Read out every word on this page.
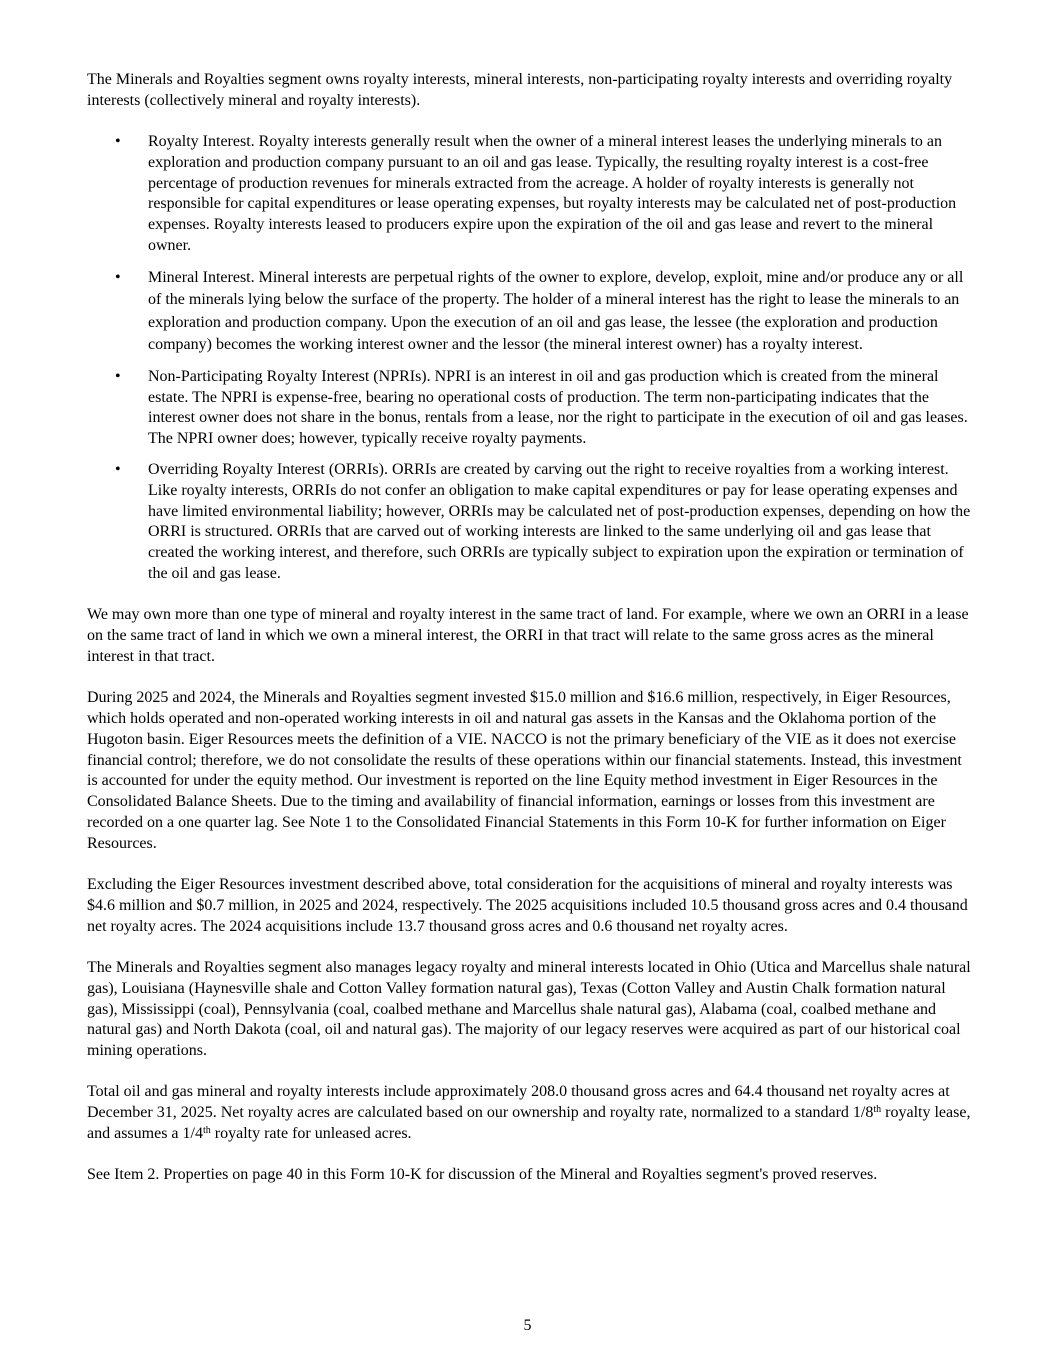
The Minerals and Royalties segment owns royalty interests, mineral interests, non-participating royalty interests and overriding royalty interests (collectively mineral and royalty interests).

• Royalty Interest. Royalty interests generally result when the owner of a mineral interest leases the underlying minerals to an exploration and production company pursuant to an oil and gas lease. Typically, the resulting royalty interest is a cost-free percentage of production revenues for minerals extracted from the acreage. A holder of royalty interests is generally not responsible for capital expenditures or lease operating expenses, but royalty interests may be calculated net of post-production expenses. Royalty interests leased to producers expire upon the expiration of the oil and gas lease and revert to the mineral owner.
• Mineral Interest. Mineral interests are perpetual rights of the owner to explore, develop, exploit, mine and/or produce any or all of the minerals lying below the surface of the property. The holder of a mineral interest has the right to lease the minerals to an exploration and production company. Upon the execution of an oil and gas lease, the lessee (the exploration and production company) becomes the working interest owner and the lessor (the mineral interest owner) has a royalty interest.
• Non-Participating Royalty Interest (NPRIs). NPRI is an interest in oil and gas production which is created from the mineral estate. The NPRI is expense-free, bearing no operational costs of production. The term non-participating indicates that the interest owner does not share in the bonus, rentals from a lease, nor the right to participate in the execution of oil and gas leases. The NPRI owner does; however, typically receive royalty payments.
• Overriding Royalty Interest (ORRIs). ORRIs are created by carving out the right to receive royalties from a working interest. Like royalty interests, ORRIs do not confer an obligation to make capital expenditures or pay for lease operating expenses and have limited environmental liability; however, ORRIs may be calculated net of post-production expenses, depending on how the ORRI is structured. ORRIs that are carved out of working interests are linked to the same underlying oil and gas lease that created the working interest, and therefore, such ORRIs are typically subject to expiration upon the expiration or termination of the oil and gas lease.

We may own more than one type of mineral and royalty interest in the same tract of land. For example, where we own an ORRI in a lease on the same tract of land in which we own a mineral interest, the ORRI in that tract will relate to the same gross acres as the mineral interest in that tract.

During 2025 and 2024, the Minerals and Royalties segment invested $15.0 million and $16.6 million, respectively, in Eiger Resources, which holds operated and non-operated working interests in oil and natural gas assets in the Kansas and the Oklahoma portion of the Hugoton basin. Eiger Resources meets the definition of a VIE. NACCO is not the primary beneficiary of the VIE as it does not exercise financial control; therefore, we do not consolidate the results of these operations within our financial statements. Instead, this investment is accounted for under the equity method. Our investment is reported on the line Equity method investment in Eiger Resources in the Consolidated Balance Sheets. Due to the timing and availability of financial information, earnings or losses from this investment are recorded on a one quarter lag. See Note 1 to the Consolidated Financial Statements in this Form 10-K for further information on Eiger Resources.

Excluding the Eiger Resources investment described above, total consideration for the acquisitions of mineral and royalty interests was $4.6 million and $0.7 million, in 2025 and 2024, respectively. The 2025 acquisitions included 10.5 thousand gross acres and 0.4 thousand net royalty acres. The 2024 acquisitions include 13.7 thousand gross acres and 0.6 thousand net royalty acres.

The Minerals and Royalties segment also manages legacy royalty and mineral interests located in Ohio (Utica and Marcellus shale natural gas), Louisiana (Haynesville shale and Cotton Valley formation natural gas), Texas (Cotton Valley and Austin Chalk formation natural gas), Mississippi (coal), Pennsylvania (coal, coalbed methane and Marcellus shale natural gas), Alabama (coal, coalbed methane and natural gas) and North Dakota (coal, oil and natural gas). The majority of our legacy reserves were acquired as part of our historical coal mining operations.

Total oil and gas mineral and royalty interests include approximately 208.0 thousand gross acres and 64.4 thousand net royalty acres at December 31, 2025. Net royalty acres are calculated based on our ownership and royalty rate, normalized to a standard 1/8th royalty lease, and assumes a 1/4th royalty rate for unleased acres.

See Item 2. Properties on page 40 in this Form 10-K for discussion of the Mineral and Royalties segment's proved reserves.

5
